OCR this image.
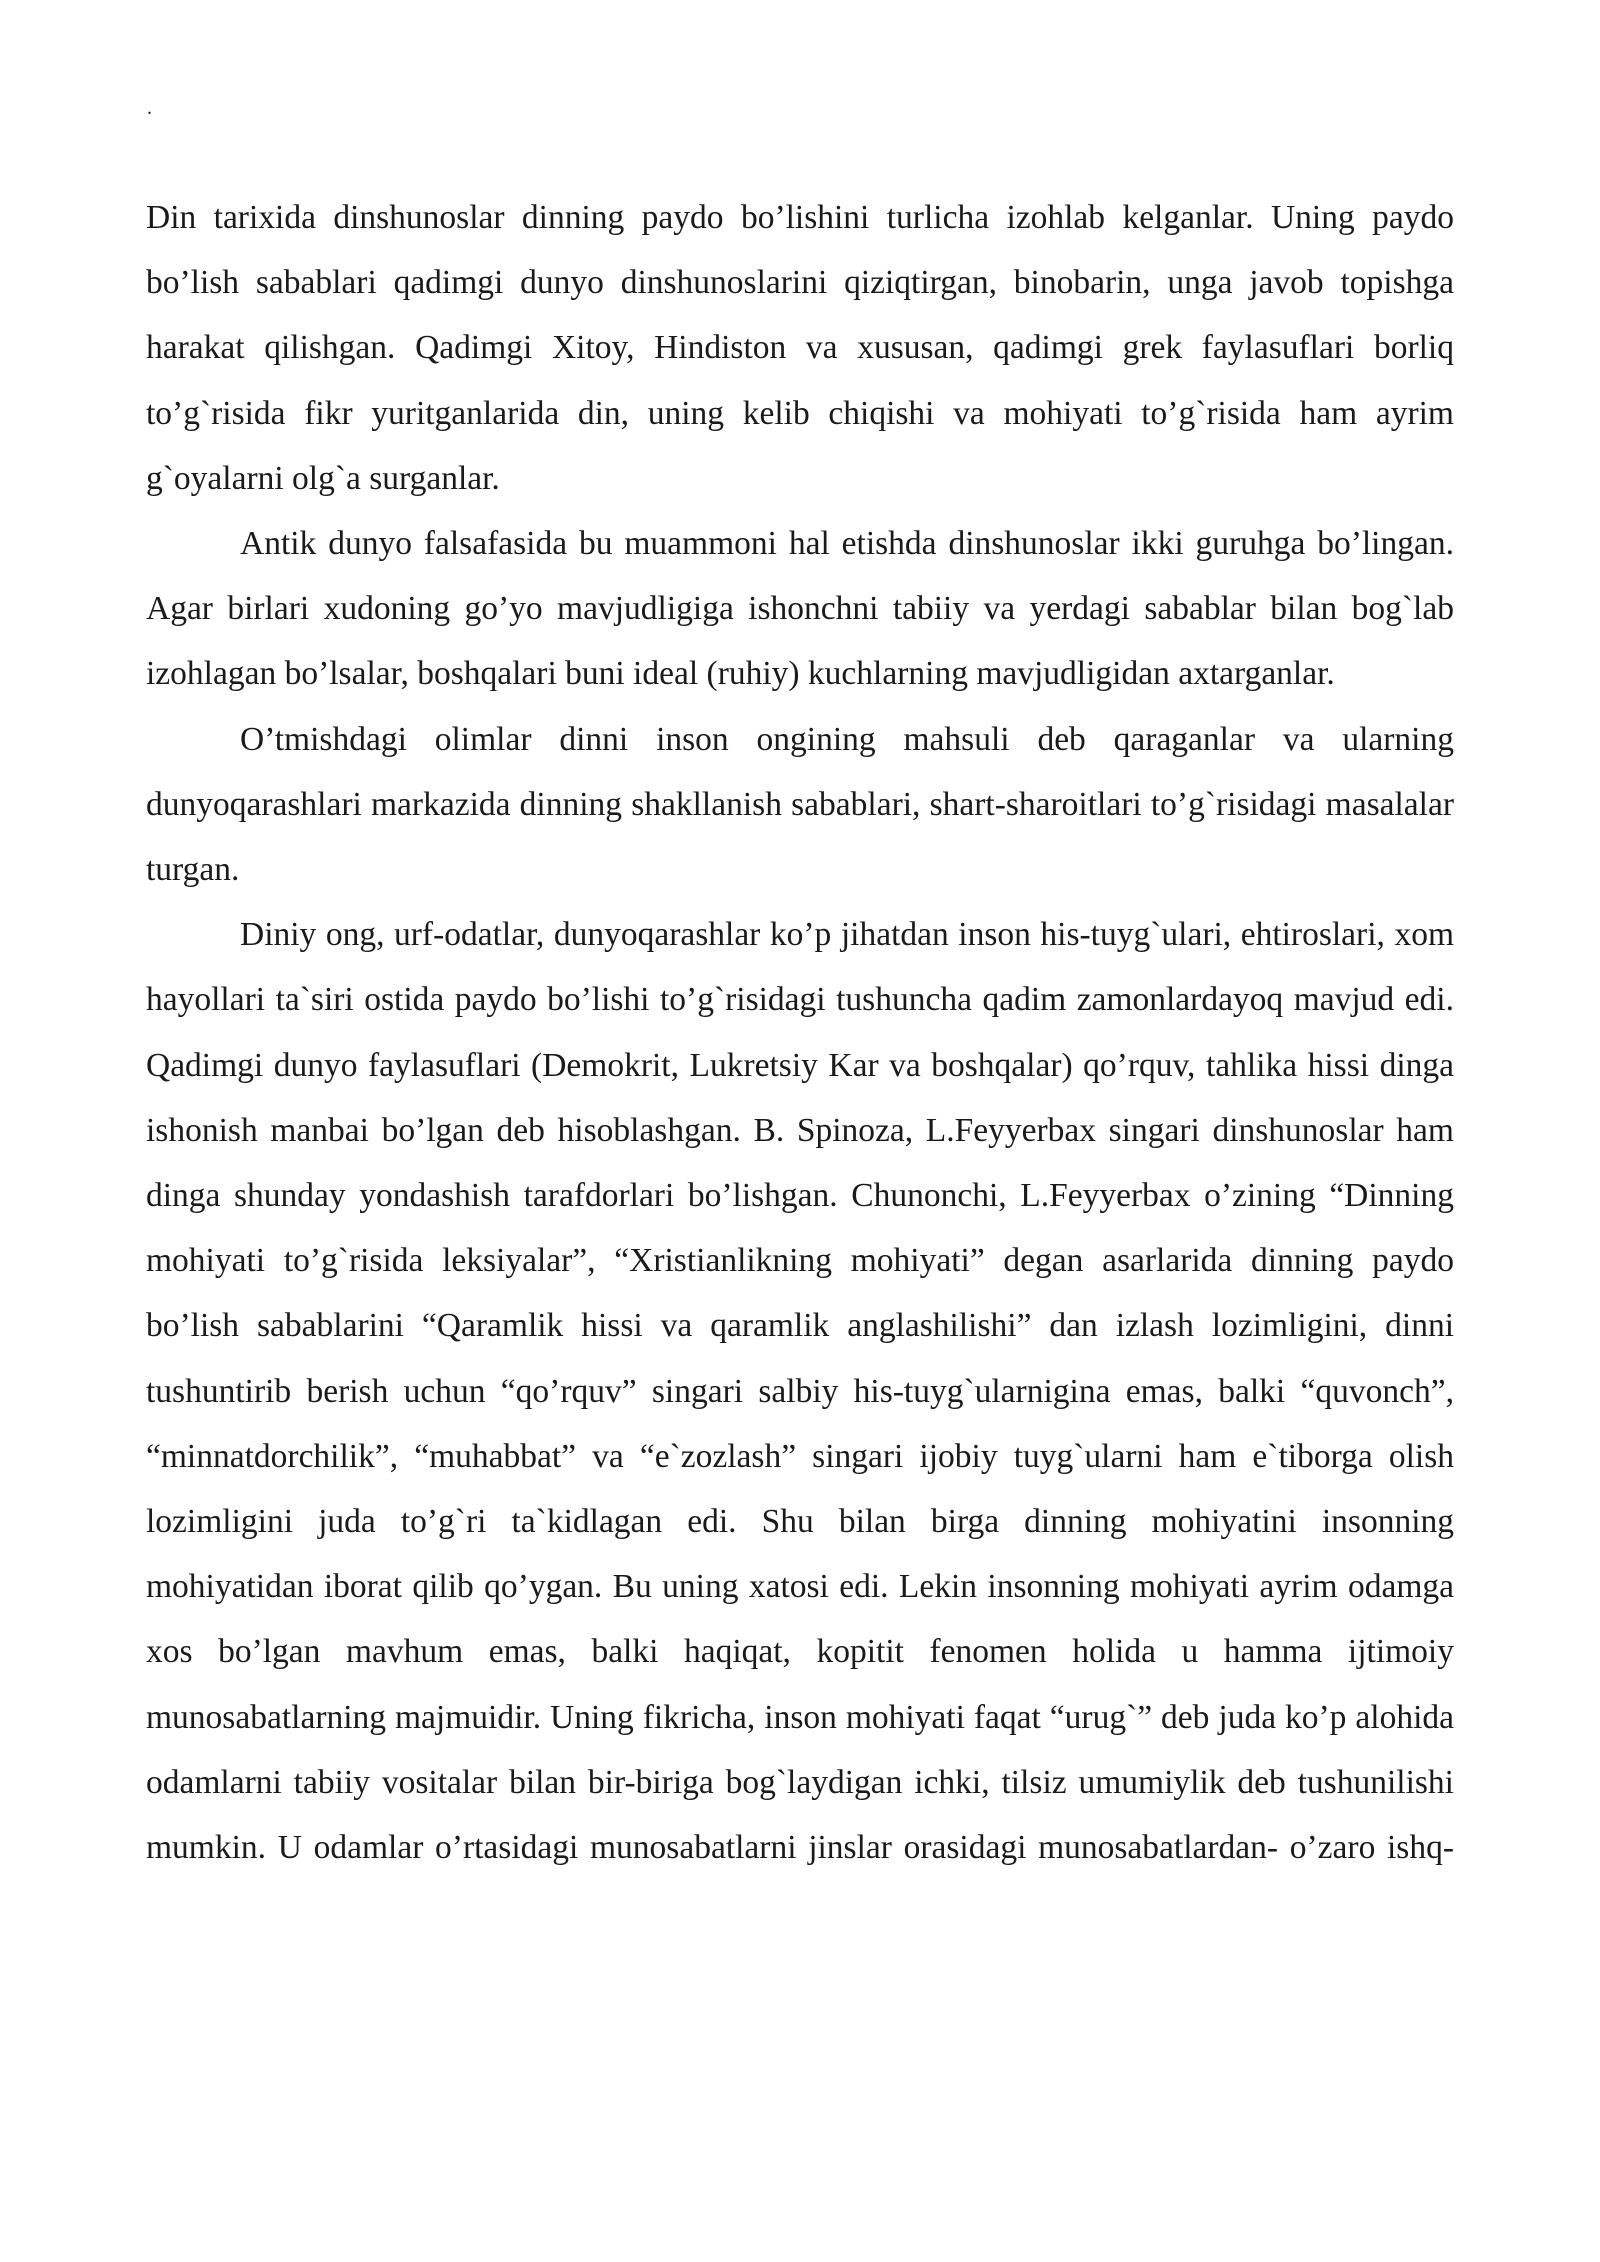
.

Din tarixida dinshunoslar dinning paydo bo’lishini turlicha izohlab kelganlar. Uning paydo bo’lish sabablari qadimgi dunyo dinshunoslarini qiziqtirgan, binobarin, unga javob topishga harakat qilishgan. Qadimgi Xitoy, Hindiston va xususan, qadimgi grek faylasuflari borliq to’g`risida fikr yuritganlarida din, uning kelib chiqishi va mohiyati to’g`risida ham ayrim g`oyalarni olg`a surganlar.

Antik dunyo falsafasida bu muammoni hal etishda dinshunoslar ikki guruhga bo’lingan. Agar birlari xudoning go’yo mavjudligiga ishonchni tabiiy va yerdagi sabablar bilan bog`lab izohlagan bo’lsalar, boshqalari buni ideal (ruhiy) kuchlarning mavjudligidan axtarganlar.

O’tmishdagi olimlar dinni inson ongining mahsuli deb qaraganlar va ularning dunyoqarashlari markazida dinning shakllanish sabablari, shart-sharoitlari to’g`risidagi masalalar turgan.

Diniy ong, urf-odatlar, dunyoqarashlar ko’p jihatdan inson his-tuyg`ulari, ehtiroslari, xom hayollari ta`siri ostida paydo bo’lishi to’g`risidagi tushuncha qadim zamonlardayoq mavjud edi. Qadimgi dunyo faylasuflari (Demokrit, Lukretsiy Kar va boshqalar) qo’rquv, tahlika hissi dinga ishonish manbai bo’lgan deb hisoblashgan. B. Spinoza, L.Feyyerbax singari dinshunoslar ham dinga shunday yondashish tarafdorlari bo’lishgan. Chunonchi, L.Feyyerbax o’zining “Dinning mohiyati to’g`risida leksiyalar”, “Xristianlikning mohiyati” degan asarlarida dinning paydo bo’lish sabablarini “Qaramlik hissi va qaramlik anglashilishi” dan izlash lozimligini, dinni tushuntirib berish uchun “qo’rquv” singari salbiy his-tuyg`ularnigina emas, balki “quvonch”, “minnatdorchilik”, “muhabbat” va “e`zozlash” singari ijobiy tuyg`ularni ham e`tiborga olish lozimligini juda to’g`ri ta`kidlagan edi. Shu bilan birga dinning mohiyatini insonning mohiyatidan iborat qilib qo’ygan. Bu uning xatosi edi. Lekin insonning mohiyati ayrim odamga xos bo’lgan mavhum emas, balki haqiqat, kopitit fenomen holida u hamma ijtimoiy munosabatlarning majmuidir. Uning fikricha, inson mohiyati faqat “urug`” deb juda ko’p alohida odamlarni tabiiy vositalar bilan bir-biriga bog`laydigan ichki, tilsiz umumiylik deb tushunilishi mumkin. U odamlar o’rtasidagi munosabatlarni jinslar orasidagi munosabatlardan- o’zaro ishq-
